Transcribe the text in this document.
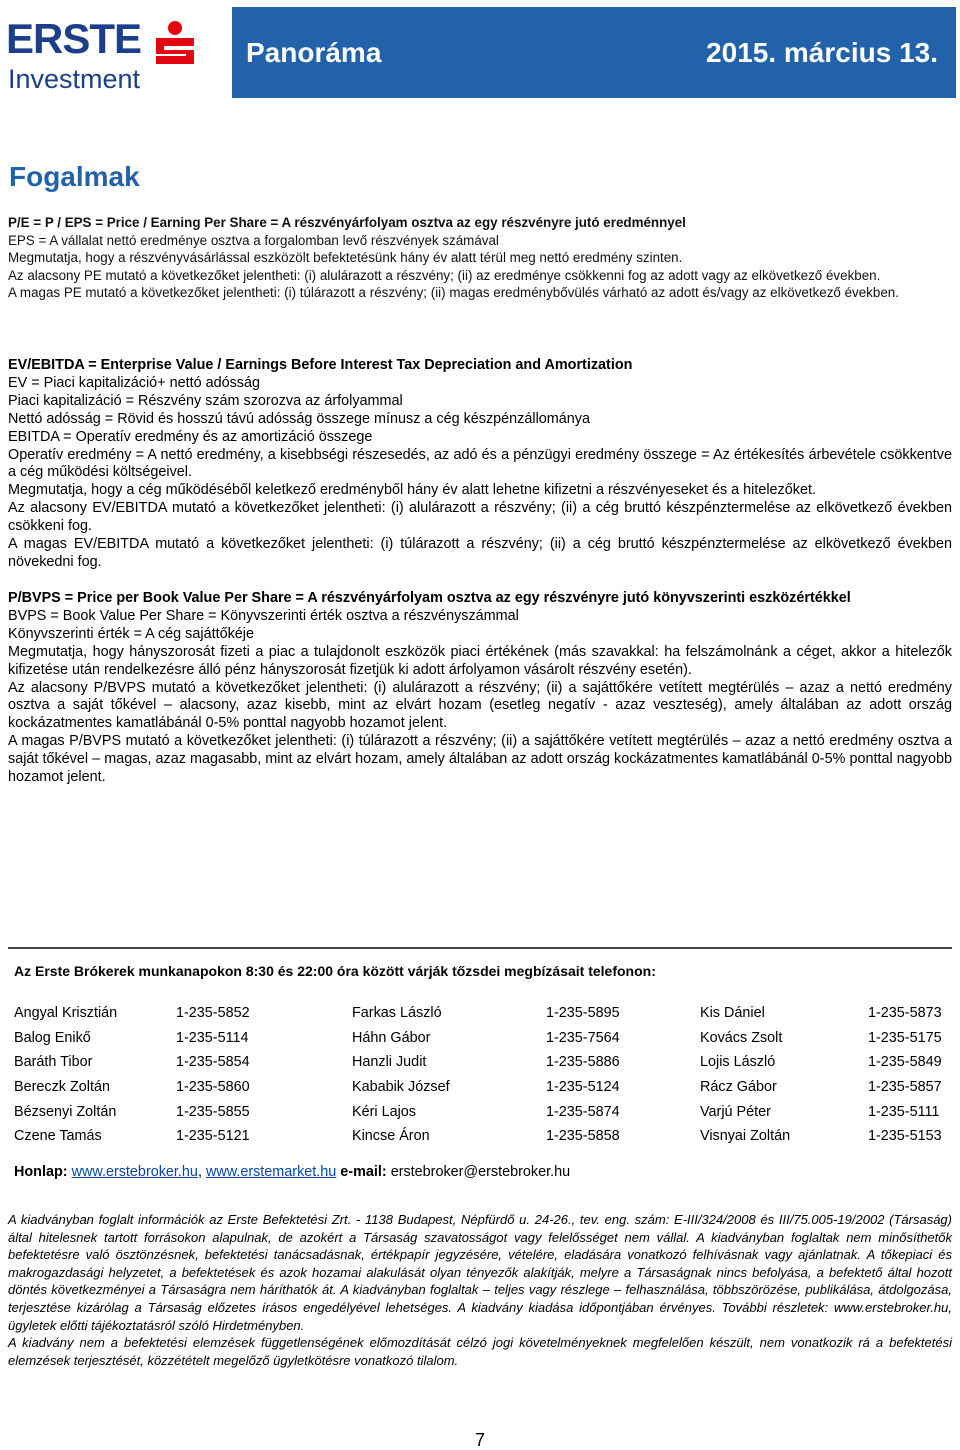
ERSTE
Investment
Panoráma	2015. március 13.
Fogalmak

P/E = P / EPS = Price / Earning Per Share = A részvényárfolyam osztva az egy részvényre jutó eredménnyel

EPS = A vállalat nettó eredménye osztva a forgalomban levő részvények számával

Megmutatja, hogy a részvényvásárlással eszközölt befektetésünk hány év alatt térül meg nettó eredmény szinten.

Az alacsony PE mutató a következőket jelentheti: (i) alulárazott a részvény; (ii) az eredménye csökkenni fog az adott vagy az elkövetkező években.

A magas PE mutató a következőket jelentheti: (i) túlárazott a részvény; (ii) magas eredménybővülés várható az adott és/vagy az elkövetkező években.

EV/EBITDA = Enterprise Value / Earnings Before Interest Tax Depreciation and Amortization

EV = Piaci kapitalizáció+ nettó adósság

Piaci kapitalizáció = Részvény szám szorozva az árfolyammal

Nettó adósság = Rövid és hosszú távú adósság összege mínusz a cég készpénzállománya

EBITDA = Operatív eredmény és az amortizáció összege

Operatív eredmény = A nettó eredmény, a kisebbségi részesedés, az adó és a pénzügyi eredmény összege = Az értékesítés árbevétele csökkentve a cég működési költségeivel.

Megmutatja, hogy a cég működéséből keletkező eredményből hány év alatt lehetne kifizetni a részvényeseket és a hitelezőket.

Az alacsony EV/EBITDA mutató a következőket jelentheti: (i) alulárazott a részvény; (ii) a cég bruttó készpénztermelése az elkövetkező években csökkeni fog.

A magas EV/EBITDA mutató a következőket jelentheti: (i) túlárazott a részvény; (ii) a cég bruttó készpénztermelése az elkövetkező években növekedni fog.

P/BVPS = Price per Book Value Per Share = A részvényárfolyam osztva az egy részvényre jutó könyvszerinti eszközértékkel

BVPS = Book Value Per Share = Könyvszerinti érték osztva a részvényszámmal

Könyvszerinti érték = A cég sajáttőkéje

Megmutatja, hogy hányszorosát fizeti a piac a tulajdonolt eszközök piaci értékének (más szavakkal: ha felszámolnánk a céget, akkor a hitelezők kifizetése után rendelkezésre álló pénz hányszorosát fizetjük ki adott árfolyamon vásárolt részvény esetén).

Az alacsony P/BVPS mutató a következőket jelentheti: (i) alulárazott a részvény; (ii) a sajáttőkére vetített megtérülés – azaz a nettó eredmény osztva a saját tőkével – alacsony, azaz kisebb, mint az elvárt hozam (esetleg negatív - azaz veszteség), amely általában az adott ország kockázatmentes kamatlábánál 0-5% ponttal nagyobb hozamot jelent.

A magas P/BVPS mutató a következőket jelentheti: (i) túlárazott a részvény; (ii) a sajáttőkére vetített megtérülés – azaz a nettó eredmény osztva a saját tőkével – magas, azaz magasabb, mint az elvárt hozam, amely általában az adott ország kockázatmentes kamatlábánál 0-5% ponttal nagyobb hozamot jelent.

Az Erste Brókerek munkanapokon 8:30 és 22:00 óra között várják tőzsdei megbízásait telefonon:

Angyal Krisztián	1-235-5852	Farkas László	1-235-5895	Kis Dániel	1-235-5873
Balog Enikő	1-235-5114	Háhn Gábor	1-235-7564	Kovács Zsolt	1-235-5175
Baráth Tibor	1-235-5854	Hanzli Judit	1-235-5886	Lojis László	1-235-5849
Bereczk Zoltán	1-235-5860	Kababik József	1-235-5124	Rácz Gábor	1-235-5857
Bézsenyi Zoltán	1-235-5855	Kéri Lajos	1-235-5874	Varjú Péter	1-235-5111
Czene Tamás	1-235-5121	Kincse Áron	1-235-5858	Visnyai Zoltán	1-235-5153

Honlap: www.erstebroker.hu, www.erstemarket.hu e-mail: erstebroker@erstebroker.hu

A kiadványban foglalt információk az Erste Befektetési Zrt. - 1138 Budapest, Népfürdő u. 24-26., tev. eng. szám: E-III/324/2008 és III/75.005-19/2002 (Társaság) által hitelesnek tartott forrásokon alapulnak, de azokért a Társaság szavatosságot vagy felelősséget nem vállal. A kiadványban foglaltak nem minősíthetők befektetésre való ösztönzésnek, befektetési tanácsadásnak, értékpapír jegyzésére, vételére, eladására vonatkozó felhívásnak vagy ajánlatnak. A tőkepiaci és makrogazdasági helyzetet, a befektetések és azok hozamai alakulását olyan tényezők alakítják, melyre a Társaságnak nincs befolyása, a befektető által hozott döntés következményei a Társaságra nem háríthatók át. A kiadványban foglaltak – teljes vagy részlege – felhasználása, többszörözése, publikálása, átdolgozása, terjesztése kizárólag a Társaság előzetes írásos engedélyével lehetséges. A kiadvány kiadása időpontjában érvényes. További részletek: www.erstebroker.hu, ügyletek előtti tájékoztatásról szóló Hirdetményben.

A kiadvány nem a befektetési elemzések függetlenségének előmozdítását célzó jogi követelményeknek megfelelően készült, nem vonatkozik rá a befektetési elemzések terjesztését, közzétételt megelőző ügyletkötésre vonatkozó tilalom.

7
